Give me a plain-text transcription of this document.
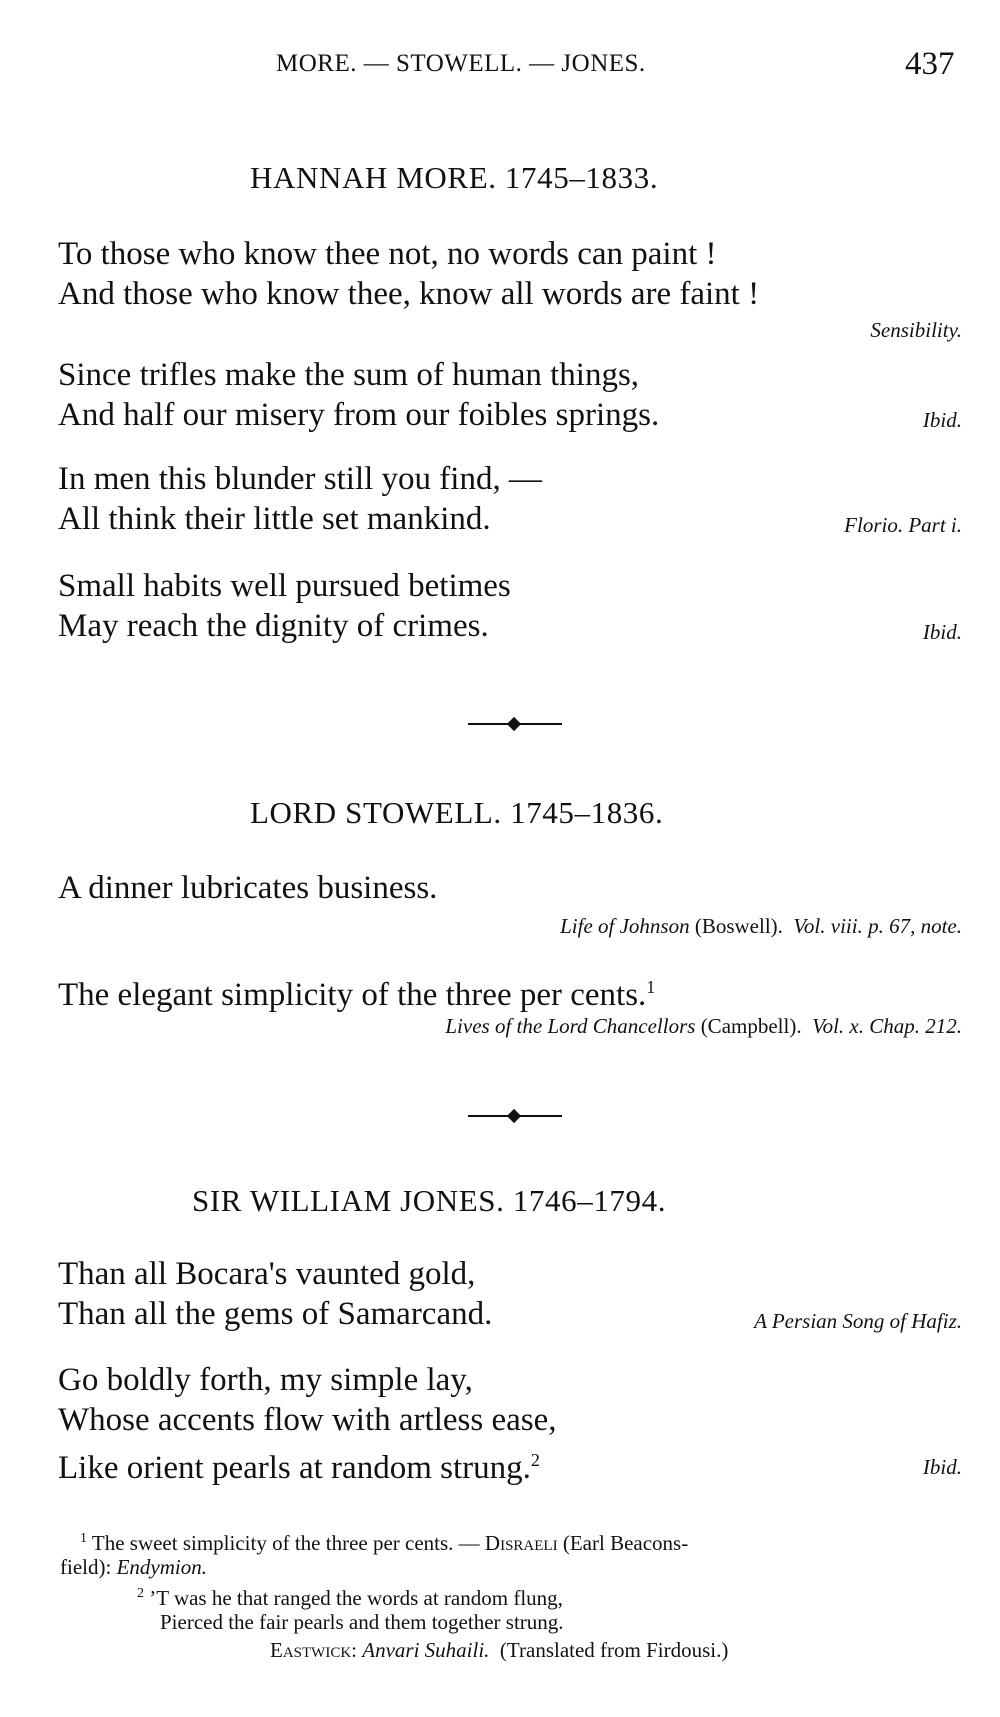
MORE. — STOWELL. — JONES.	437
HANNAH MORE. 1745–1833.
To those who know thee not, no words can paint !
And those who know thee, know all words are faint !
Sensibility.
Since trifles make the sum of human things,
And half our misery from our foibles springs.	Ibid.
In men this blunder still you find, —
All think their little set mankind.	Florio. Part i.
Small habits well pursued betimes
May reach the dignity of crimes.	Ibid.
LORD STOWELL. 1745–1836.
A dinner lubricates business.
Life of Johnson (Boswell). Vol. viii. p. 67, note.
The elegant simplicity of the three per cents.$^1$
Lives of the Lord Chancellors (Campbell). Vol. x. Chap. 212.
SIR WILLIAM JONES. 1746–1794.
Than all Bocara's vaunted gold,
Than all the gems of Samarcand.	A Persian Song of Hafiz.
Go boldly forth, my simple lay,
Whose accents flow with artless ease,
Like orient pearls at random strung.$^2$	Ibid.
$^1$ The sweet simplicity of the three per cents. — Disraeli (Earl Beacons-
field): Endymion.
$^2$ ’T was he that ranged the words at random flung,
Pierced the fair pearls and them together strung.
Eastwick: Anvari Suhaili. (Translated from Firdousi.)
